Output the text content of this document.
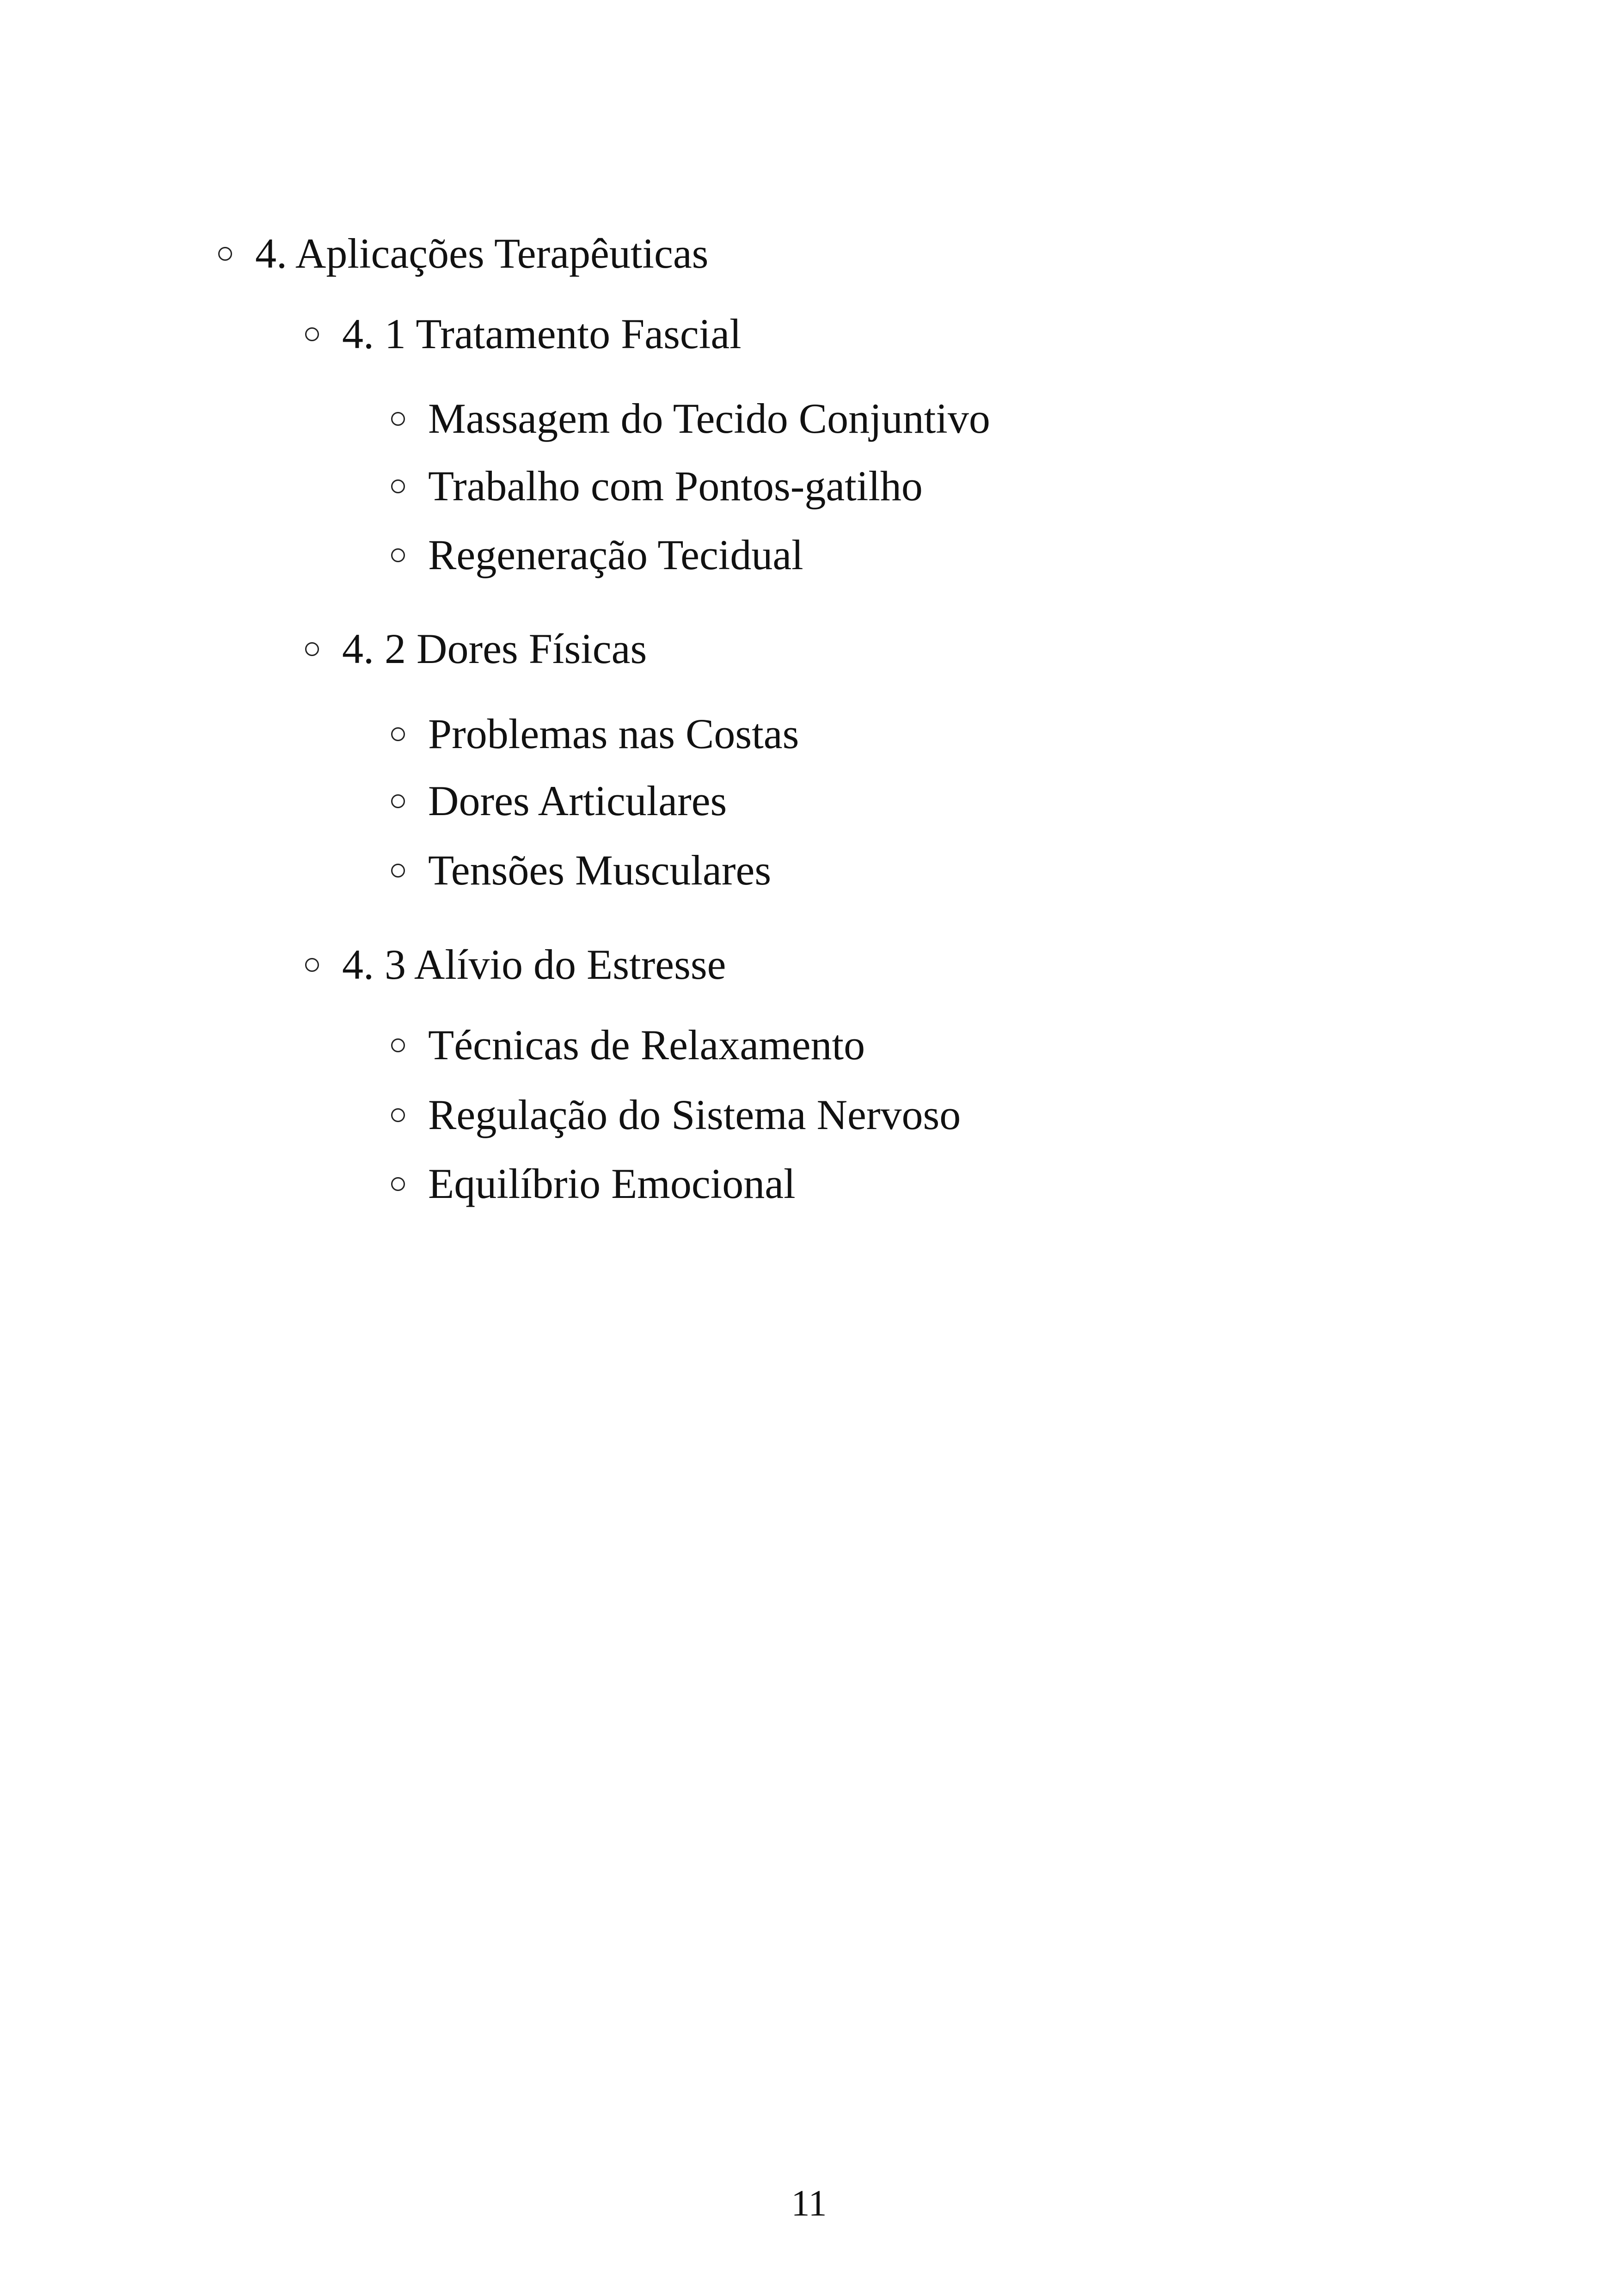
4. Aplicações Terapêuticas
4. 1 Tratamento Fascial
Massagem do Tecido Conjuntivo
Trabalho com Pontos-gatilho
Regeneração Tecidual
4. 2 Dores Físicas
Problemas nas Costas
Dores Articulares
Tensões Musculares
4. 3 Alívio do Estresse
Técnicas de Relaxamento
Regulação do Sistema Nervoso
Equilíbrio Emocional
11
